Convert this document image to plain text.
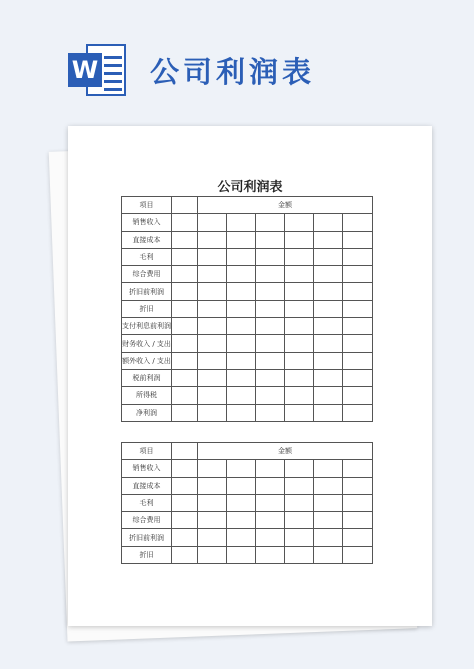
W 公司利润表
公司利润表
项目		金额					
销售收入							
直接成本							
毛利							
综合费用							
折旧前利润							
折旧							
支付利息前利润							
财务收入 / 支出							
额外收入 / 支出							
税前利润							
所得税							
净利润							
项目		金额					
销售收入							
直接成本							
毛利							
综合费用							
折旧前利润							
折旧							
